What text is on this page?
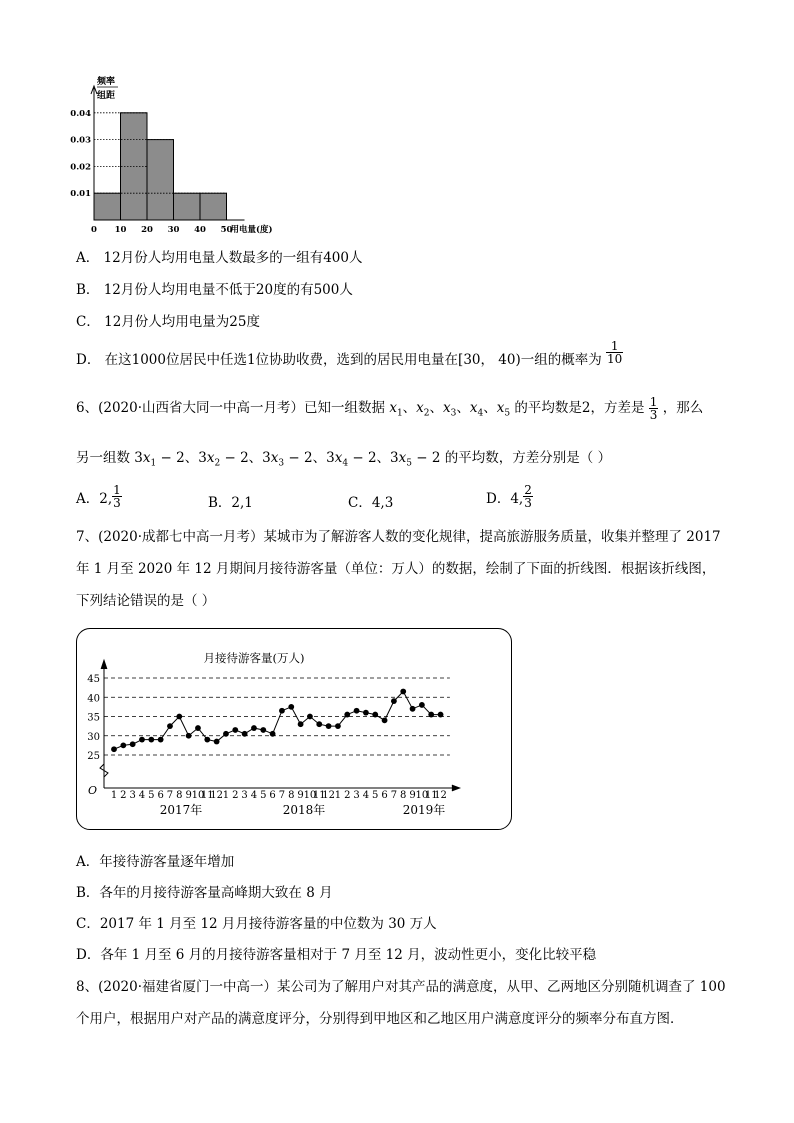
频率
组距
0.04
0.03
0.02
0.01
0 10 20 30 40 50
用电量(度)
A． 12月份人均用电量人数最多的一组有400人
B． 12月份人均用电量不低于20度的有500人
C． 12月份人均用电量为25度
D． 在这1000位居民中任选1位协助收费，选到的居民用电量在[30， 40)一组的概率为 $\frac{1}{10}$
6、(2020·山西省大同一中高一月考）已知一组数据 $x_1$、$x_2$、$x_3$、$x_4$、$x_5$ 的平均数是2，方差是 $\frac{1}{3}$ ，那么
另一组数 $3x_1 - 2$、$3x_2 - 2$、$3x_3 - 2$、$3x_4 - 2$、$3x_5 - 2$ 的平均数，方差分别是（ ）
A．2, $\frac{1}{3}$	B．2,1	C．4,3	D．4, $\frac{2}{3}$
7、(2020·成都七中高一月考）某城市为了解游客人数的变化规律，提高旅游服务质量，收集并整理了 2017
年 1 月至 2020 年 12 月期间月接待游客量（单位：万人）的数据，绘制了下面的折线图．根据该折线图，
下列结论错误的是（ ）
月接待游客量(万人)
O
25
30
35
40
45
1 2 3 4 5 6 7 8 9 10
11
12 1 2 3 4 5 6 7 8 9 10
11
12 1 2 3 4 5 6 7 8 9 10
11
12
2017年	2018年	2019年
A．年接待游客量逐年增加
B．各年的月接待游客量高峰期大致在 8 月
C．2017 年 1 月至 12 月月接待游客量的中位数为 30 万人
D．各年 1 月至 6 月的月接待游客量相对于 7 月至 12 月，波动性更小，变化比较平稳
8、(2020·福建省厦门一中高一）某公司为了解用户对其产品的满意度，从甲、乙两地区分别随机调查了 100
个用户，根据用户对产品的满意度评分，分别得到甲地区和乙地区用户满意度评分的频率分布直方图．
